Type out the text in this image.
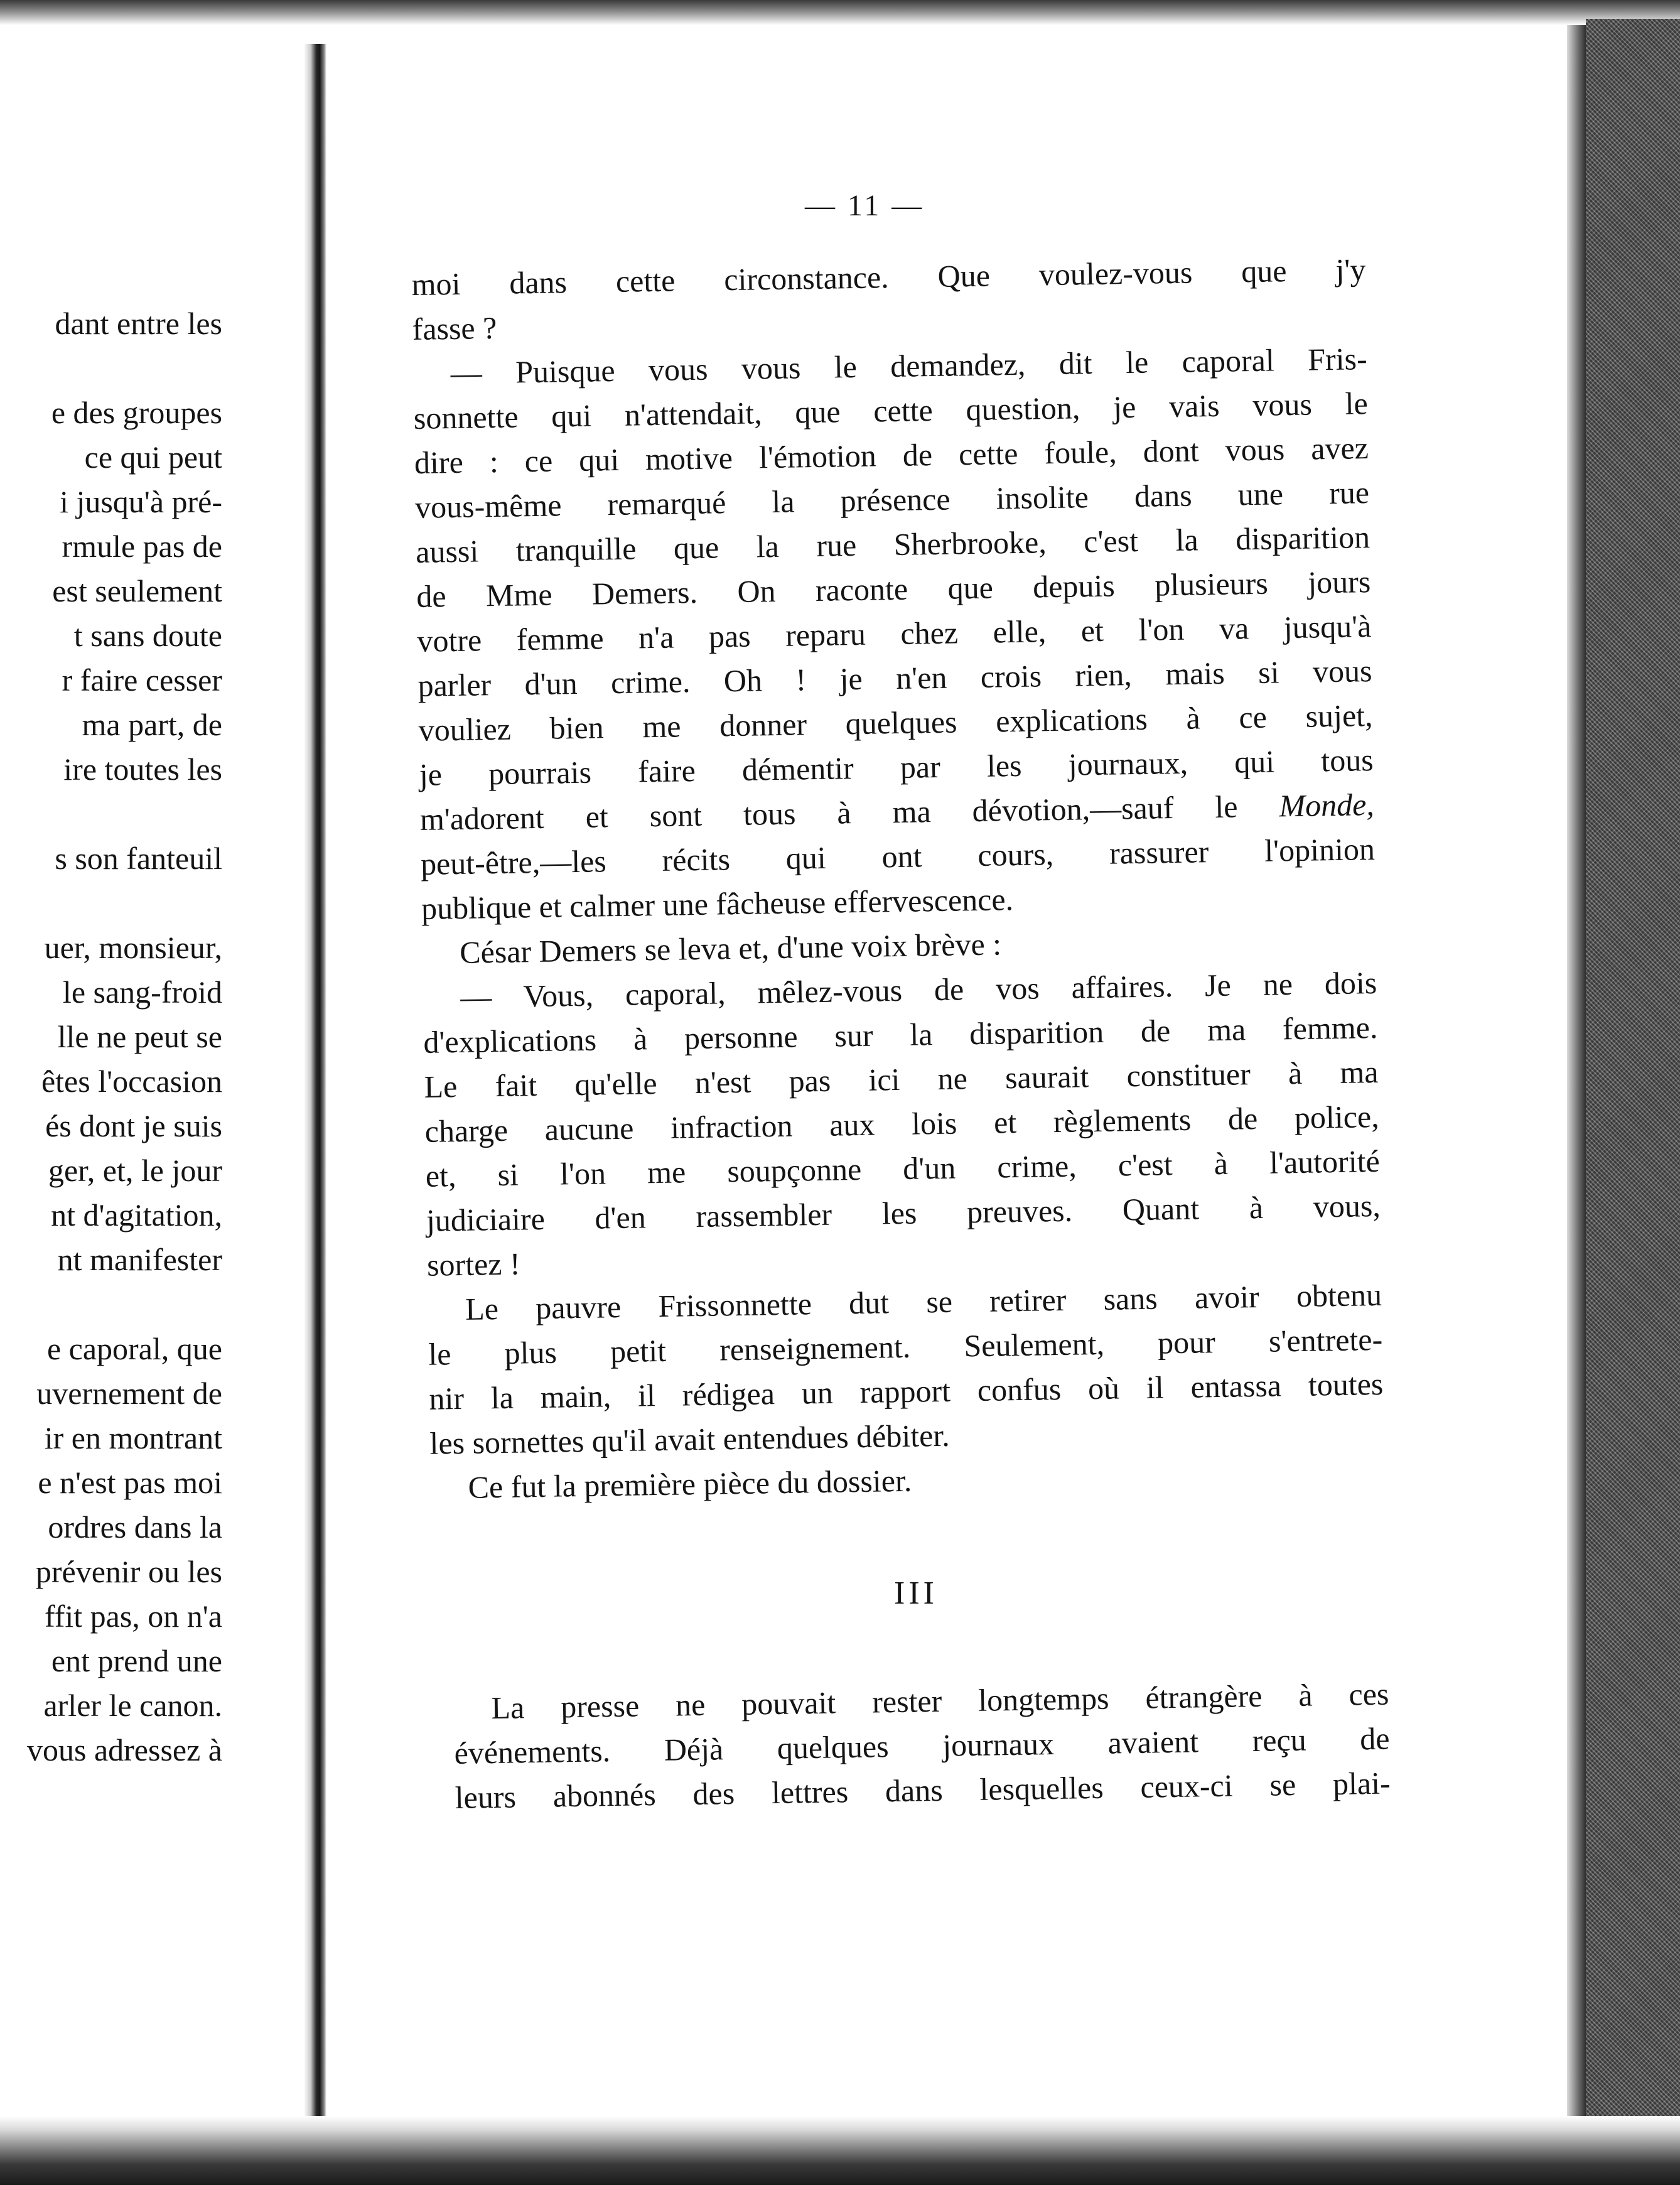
dant entre les
e des groupes
ce qui peut
i jusqu'à pré-
rmule pas de
est seulement
t sans doute
r faire cesser
ma part, de
ire toutes les
s son fanteuil
uer, monsieur,
le sang-froid
lle ne peut se
êtes l'occasion
és dont je suis
ger, et, le jour
nt d'agitation,
nt manifester
e caporal, que
uvernement de
ir en montrant
e n'est pas moi
ordres dans la
prévenir ou les
ffit pas, on n'a
ent prend une
arler le canon.
vous adressez à
— 11 —
moi dans cette circonstance. Que voulez-vous que j'y
fasse ?
— Puisque vous vous le demandez, dit le caporal Fris-
sonnette qui n'attendait, que cette question, je vais vous le
dire : ce qui motive l'émotion de cette foule, dont vous avez
vous-même remarqué la présence insolite dans une rue
aussi tranquille que la rue Sherbrooke, c'est la disparition
de Mme Demers. On raconte que depuis plusieurs jours
votre femme n'a pas reparu chez elle, et l'on va jusqu'à
parler d'un crime. Oh ! je n'en crois rien, mais si vous
vouliez bien me donner quelques explications à ce sujet,
je pourrais faire démentir par les journaux, qui tous
m'adorent et sont tous à ma dévotion,—sauf le Monde,
peut-être,—les récits qui ont cours, rassurer l'opinion
publique et calmer une fâcheuse effervescence.
César Demers se leva et, d'une voix brève :
— Vous, caporal, mêlez-vous de vos affaires. Je ne dois
d'explications à personne sur la disparition de ma femme.
Le fait qu'elle n'est pas ici ne saurait constituer à ma
charge aucune infraction aux lois et règlements de police,
et, si l'on me soupçonne d'un crime, c'est à l'autorité
judiciaire d'en rassembler les preuves. Quant à vous,
sortez !
Le pauvre Frissonnette dut se retirer sans avoir obtenu
le plus petit renseignement. Seulement, pour s'entrete-
nir la main, il rédigea un rapport confus où il entassa toutes
les sornettes qu'il avait entendues débiter.
Ce fut la première pièce du dossier.
III
La presse ne pouvait rester longtemps étrangère à ces
événements. Déjà quelques journaux avaient reçu de
leurs abonnés des lettres dans lesquelles ceux-ci se plai-
